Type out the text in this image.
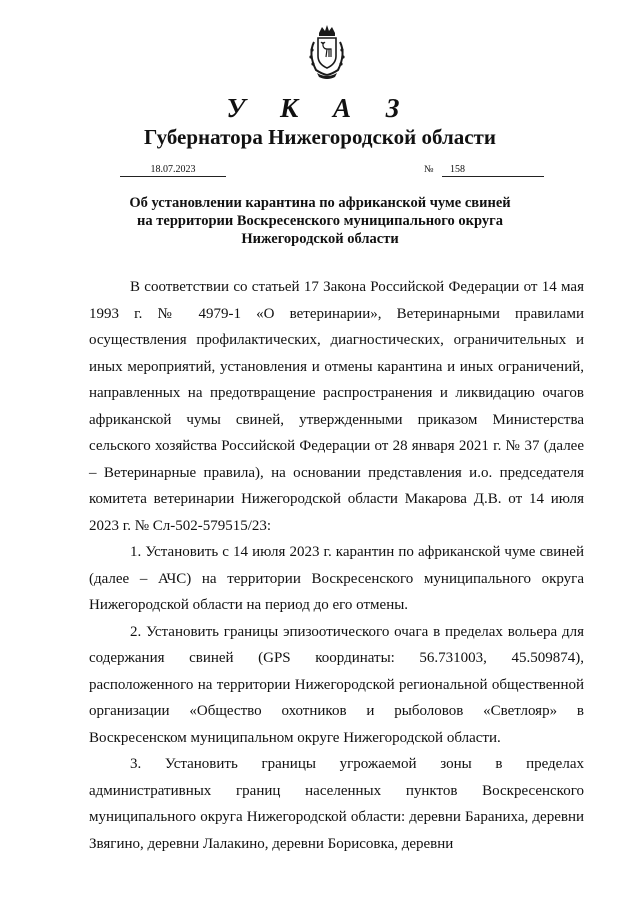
У К А З
Губернатора Нижегородской области
18.07.2023	№ 158
Об установлении карантина по африканской чуме свиней
на территории Воскресенского муниципального округа
Нижегородской области

В соответствии со статьей 17 Закона Российской Федерации от 14 мая 1993 г. № 4979-1 «О ветеринарии», Ветеринарными правилами осуществления профилактических, диагностических, ограничительных и иных мероприятий, установления и отмены карантина и иных ограничений, направленных на предотвращение распространения и ликвидацию очагов африканской чумы свиней, утвержденными приказом Министерства сельского хозяйства Российской Федерации от 28 января 2021 г. № 37 (далее – Ветеринарные правила), на основании представления и.о. председателя комитета ветеринарии Нижегородской области Макарова Д.В. от 14 июля 2023 г. № Сл-502-579515/23:

1. Установить с 14 июля 2023 г. карантин по африканской чуме свиней (далее – АЧС) на территории Воскресенского муниципального округа Нижегородской области на период до его отмены.

2. Установить границы эпизоотического очага в пределах вольера для содержания свиней (GPS координаты: 56.731003, 45.509874), расположенного на территории Нижегородской региональной общественной организации «Общество охотников и рыболовов «Светлояр» в Воскресенском муниципальном округе Нижегородской области.

3. Установить границы угрожаемой зоны в пределах административных границ населенных пунктов Воскресенского муниципального округа Нижегородской области: деревни Бараниха, деревни Звягино, деревни Лалакино, деревни Борисовка, деревни
